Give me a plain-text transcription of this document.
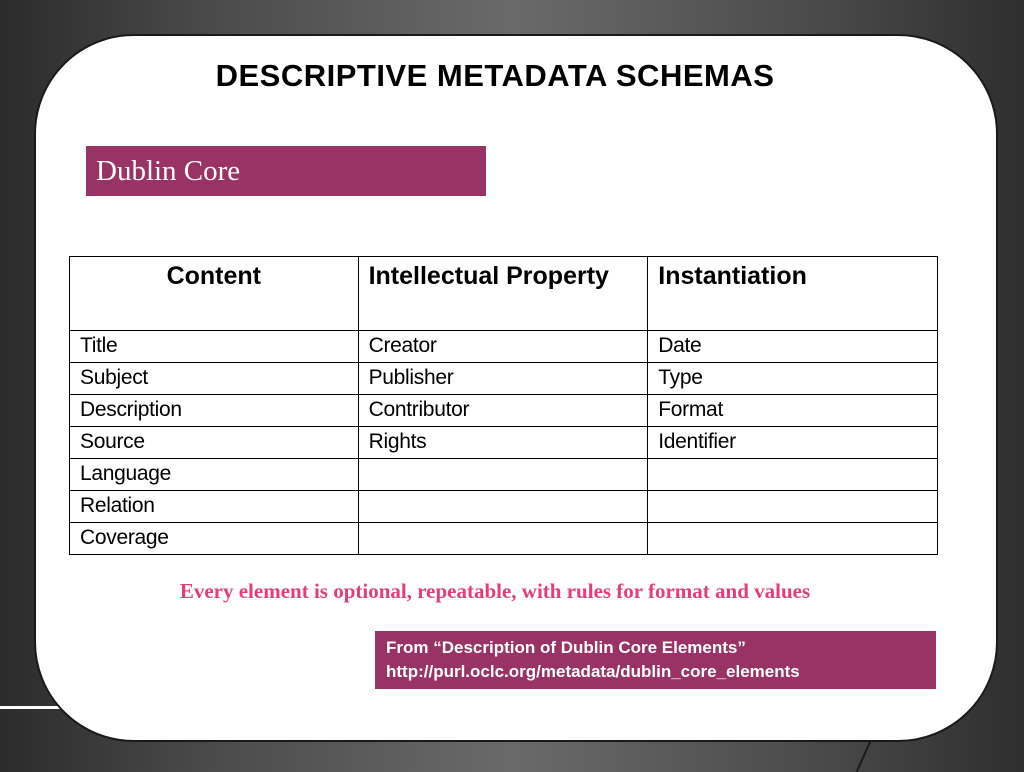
DESCRIPTIVE METADATA SCHEMAS
Dublin Core
Content	Intellectual Property	Instantiation
Title	Creator	Date
Subject	Publisher	Type
Description	Contributor	Format
Source	Rights	Identifier
Language		
Relation		
Coverage		
Every element is optional, repeatable, with rules for format and values
From “Description of Dublin Core Elements”
http://purl.oclc.org/metadata/dublin_core_elements
